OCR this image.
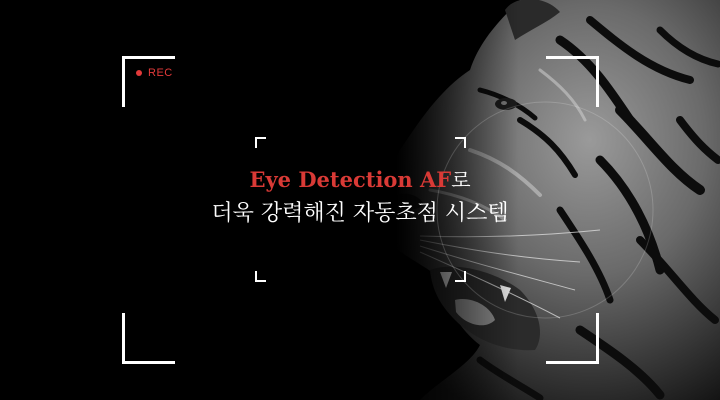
REC
Eye Detection AF로
더욱 강력해진 자동초점 시스템
